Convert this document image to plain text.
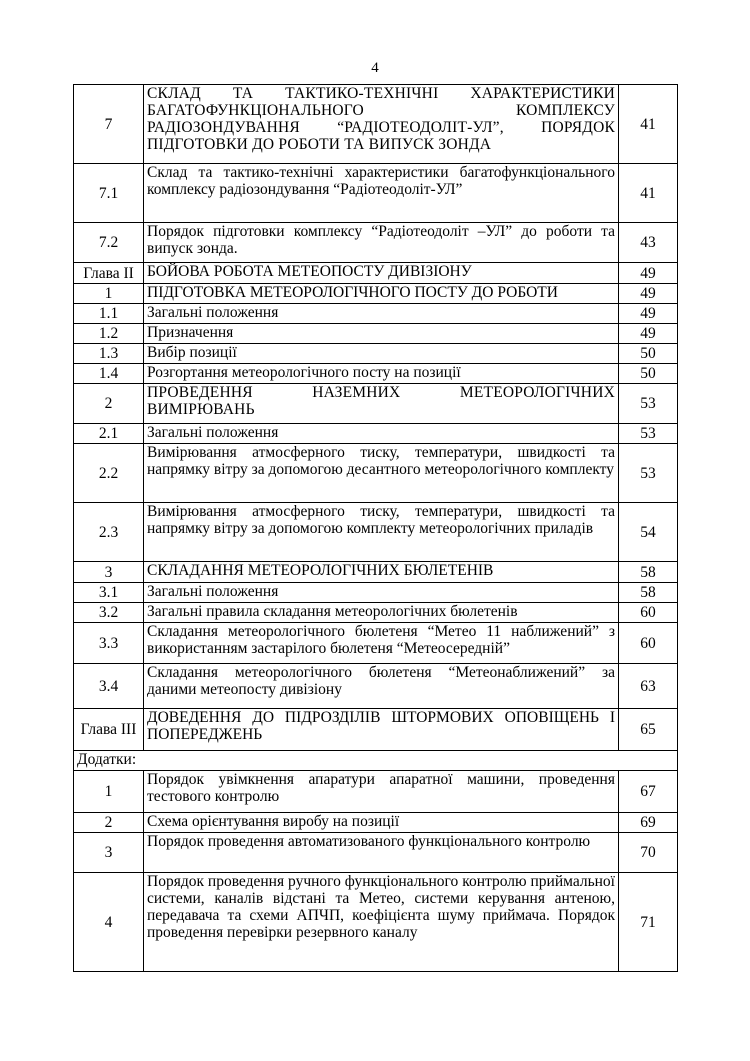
4
7	СКЛАД ТА ТАКТИКО-ТЕХНІЧНІ ХАРАКТЕРИСТИКИ БАГАТОФУНКЦІОНАЛЬНОГО КОМПЛЕКСУ РАДІОЗОНДУВАННЯ “РАДІОТЕОДОЛІТ-УЛ”, ПОРЯДОК ПІДГОТОВКИ ДО РОБОТИ ТА ВИПУСК ЗОНДА	41
7.1	Склад та тактико-технічні характеристики багатофункціонального комплексу радіозондування “Радіотеодоліт-УЛ”	41
7.2	Порядок підготовки комплексу “Радіотеодоліт –УЛ” до роботи та випуск зонда.	43
Глава II	БОЙОВА РОБОТА МЕТЕОПОСТУ ДИВІЗІОНУ	49
1	ПІДГОТОВКА МЕТЕОРОЛОГІЧНОГО ПОСТУ ДО РОБОТИ	49
1.1	Загальні положення	49
1.2	Призначення	49
1.3	Вибір позиції	50
1.4	Розгортання метеорологічного посту на позиції	50
2	ПРОВЕДЕННЯ НАЗЕМНИХ МЕТЕОРОЛОГІЧНИХ ВИМІРЮВАНЬ	53
2.1	Загальні положення	53
2.2	Вимірювання атмосферного тиску, температури, швидкості та напрямку вітру за допомогою десантного метеорологічного комплекту	53
2.3	Вимірювання атмосферного тиску, температури, швидкості та напрямку вітру за допомогою комплекту метеорологічних приладів	54
3	СКЛАДАННЯ МЕТЕОРОЛОГІЧНИХ БЮЛЕТЕНІВ	58
3.1	Загальні положення	58
3.2	Загальні правила складання метеорологічних бюлетенів	60
3.3	Складання метеорологічного бюлетеня “Метео 11 наближений” з використанням застарілого бюлетеня “Метеосередній”	60
3.4	Складання метеорологічного бюлетеня “Метеонаближений” за даними метеопосту дивізіону	63
Глава III	ДОВЕДЕННЯ ДО ПІДРОЗДІЛІВ ШТОРМОВИХ ОПОВІЩЕНЬ І ПОПЕРЕДЖЕНЬ	65
Додатки:		
1	Порядок увімкнення апаратури апаратної машини, проведення тестового контролю	67
2	Схема орієнтування виробу на позиції	69
3	Порядок проведення автоматизованого функціонального контролю	70
4	Порядок проведення ручного функціонального контролю приймальної системи, каналів відстані та Метео, системи керування антеною, передавача та схеми АПЧП, коефіцієнта шуму приймача. Порядок проведення перевірки резервного каналу	71
